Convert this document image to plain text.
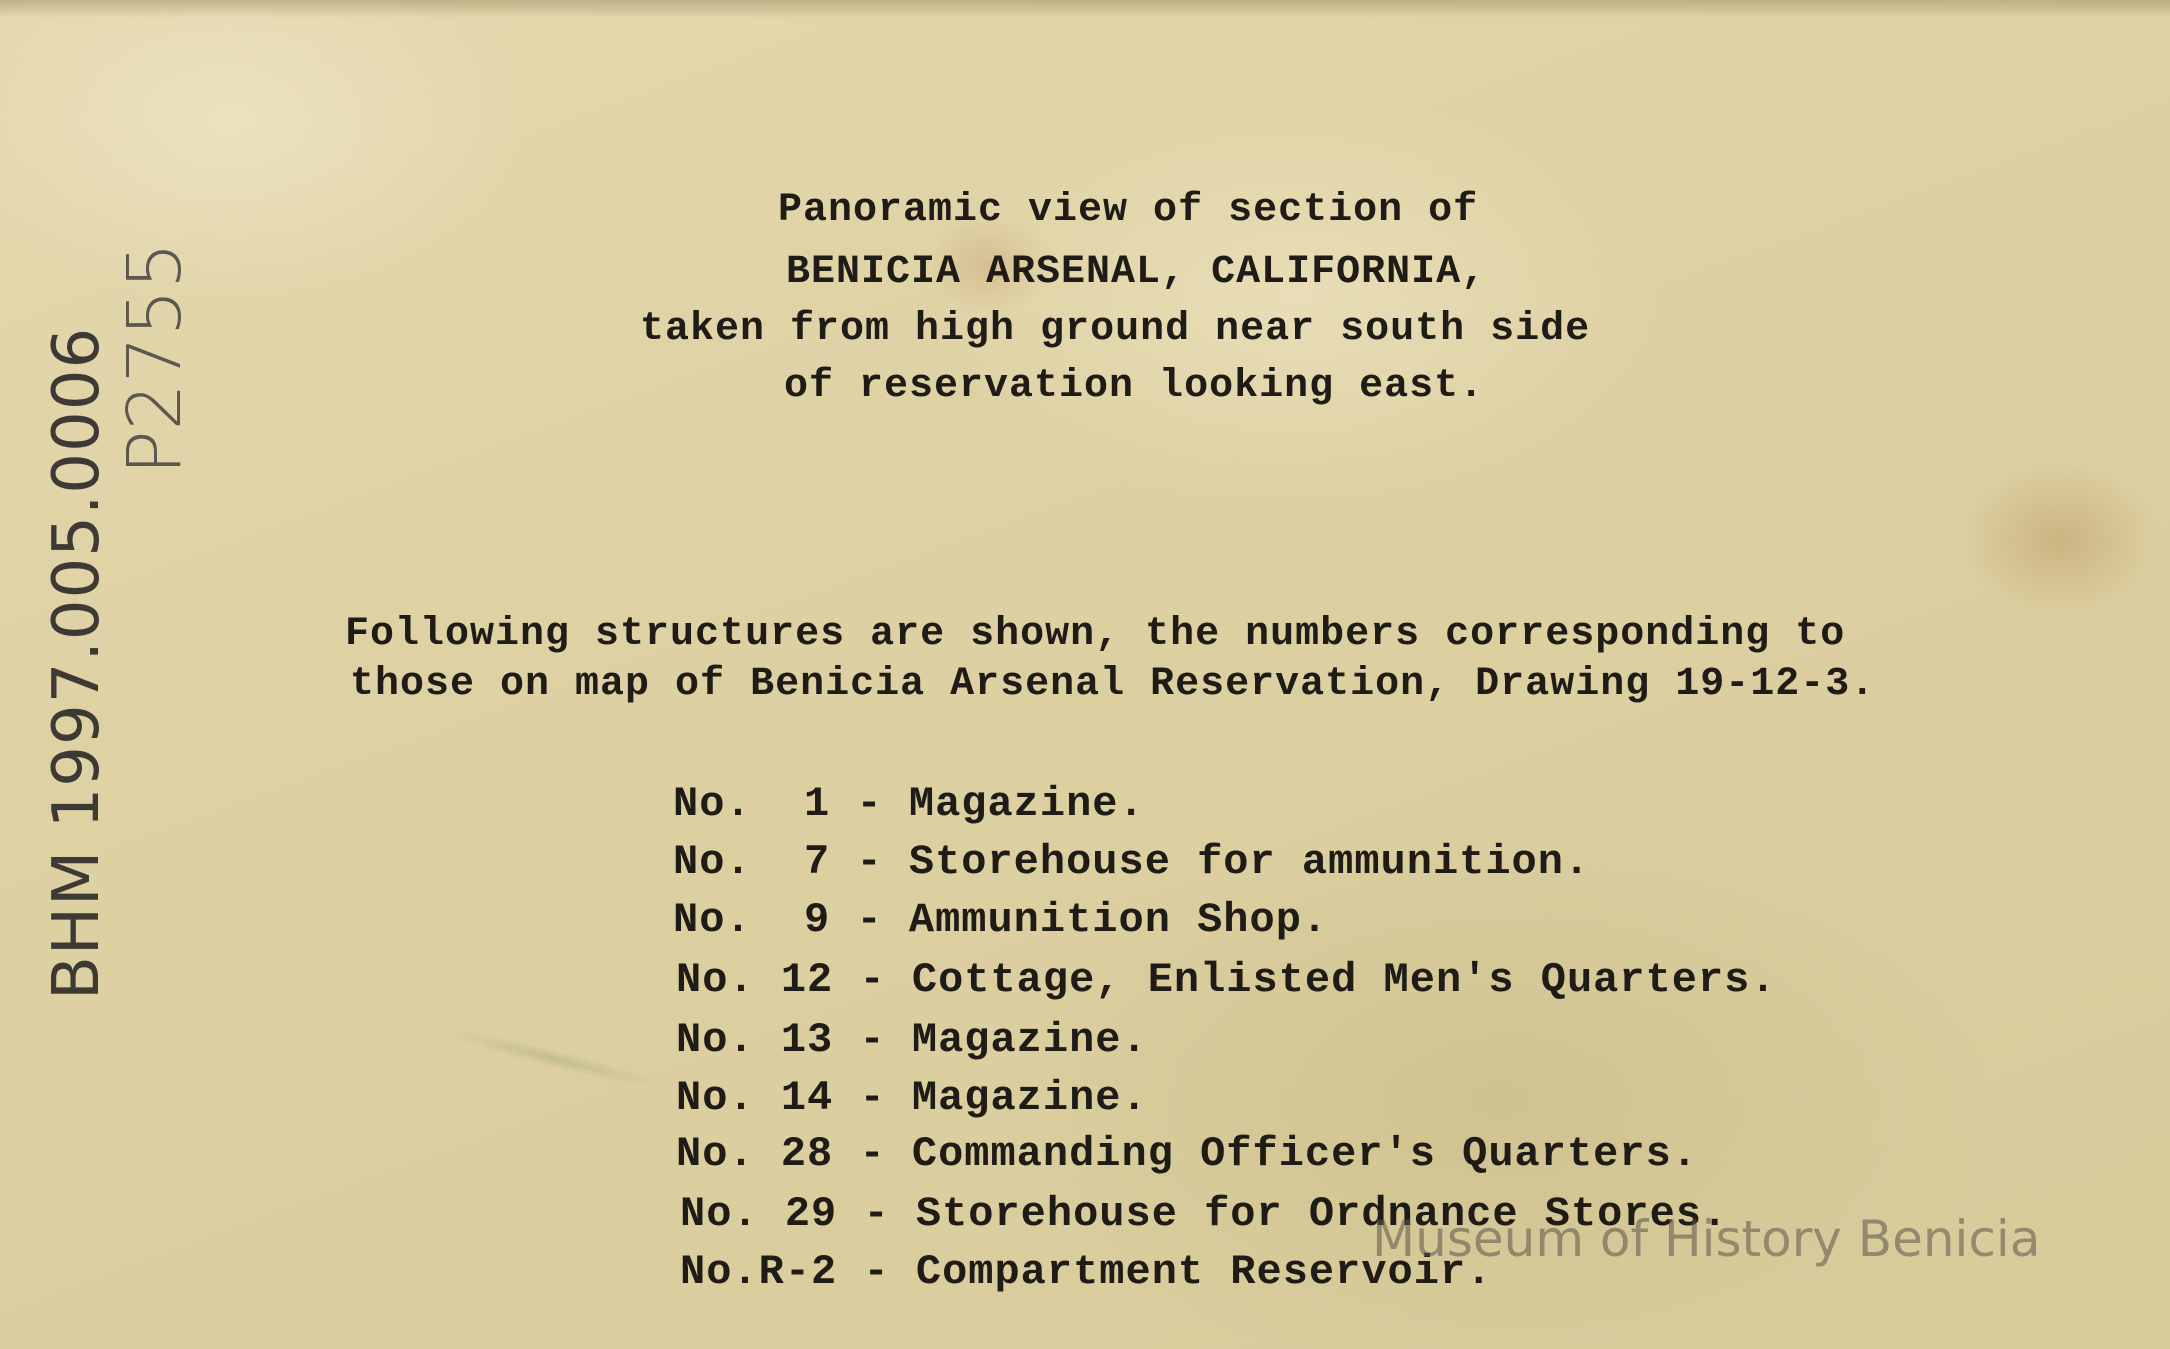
Panoramic view of section of

BENICIA ARSENAL, CALIFORNIA,

taken from high ground near south side

of reservation looking east.

Following structures are shown, the numbers corresponding to

those on map of Benicia Arsenal Reservation, Drawing 19-12-3.

No.  1 - Magazine.

No.  7 - Storehouse for ammunition.

No.  9 - Ammunition Shop.

No. 12 - Cottage, Enlisted Men's Quarters.

No. 13 - Magazine.

No. 14 - Magazine.

No. 28 - Commanding Officer's Quarters.

No. 29 - Storehouse for Ordnance Stores.

No.R-2 - Compartment Reservoir.

BHM 1997.005.0006
P2755
Museum of History Benicia
